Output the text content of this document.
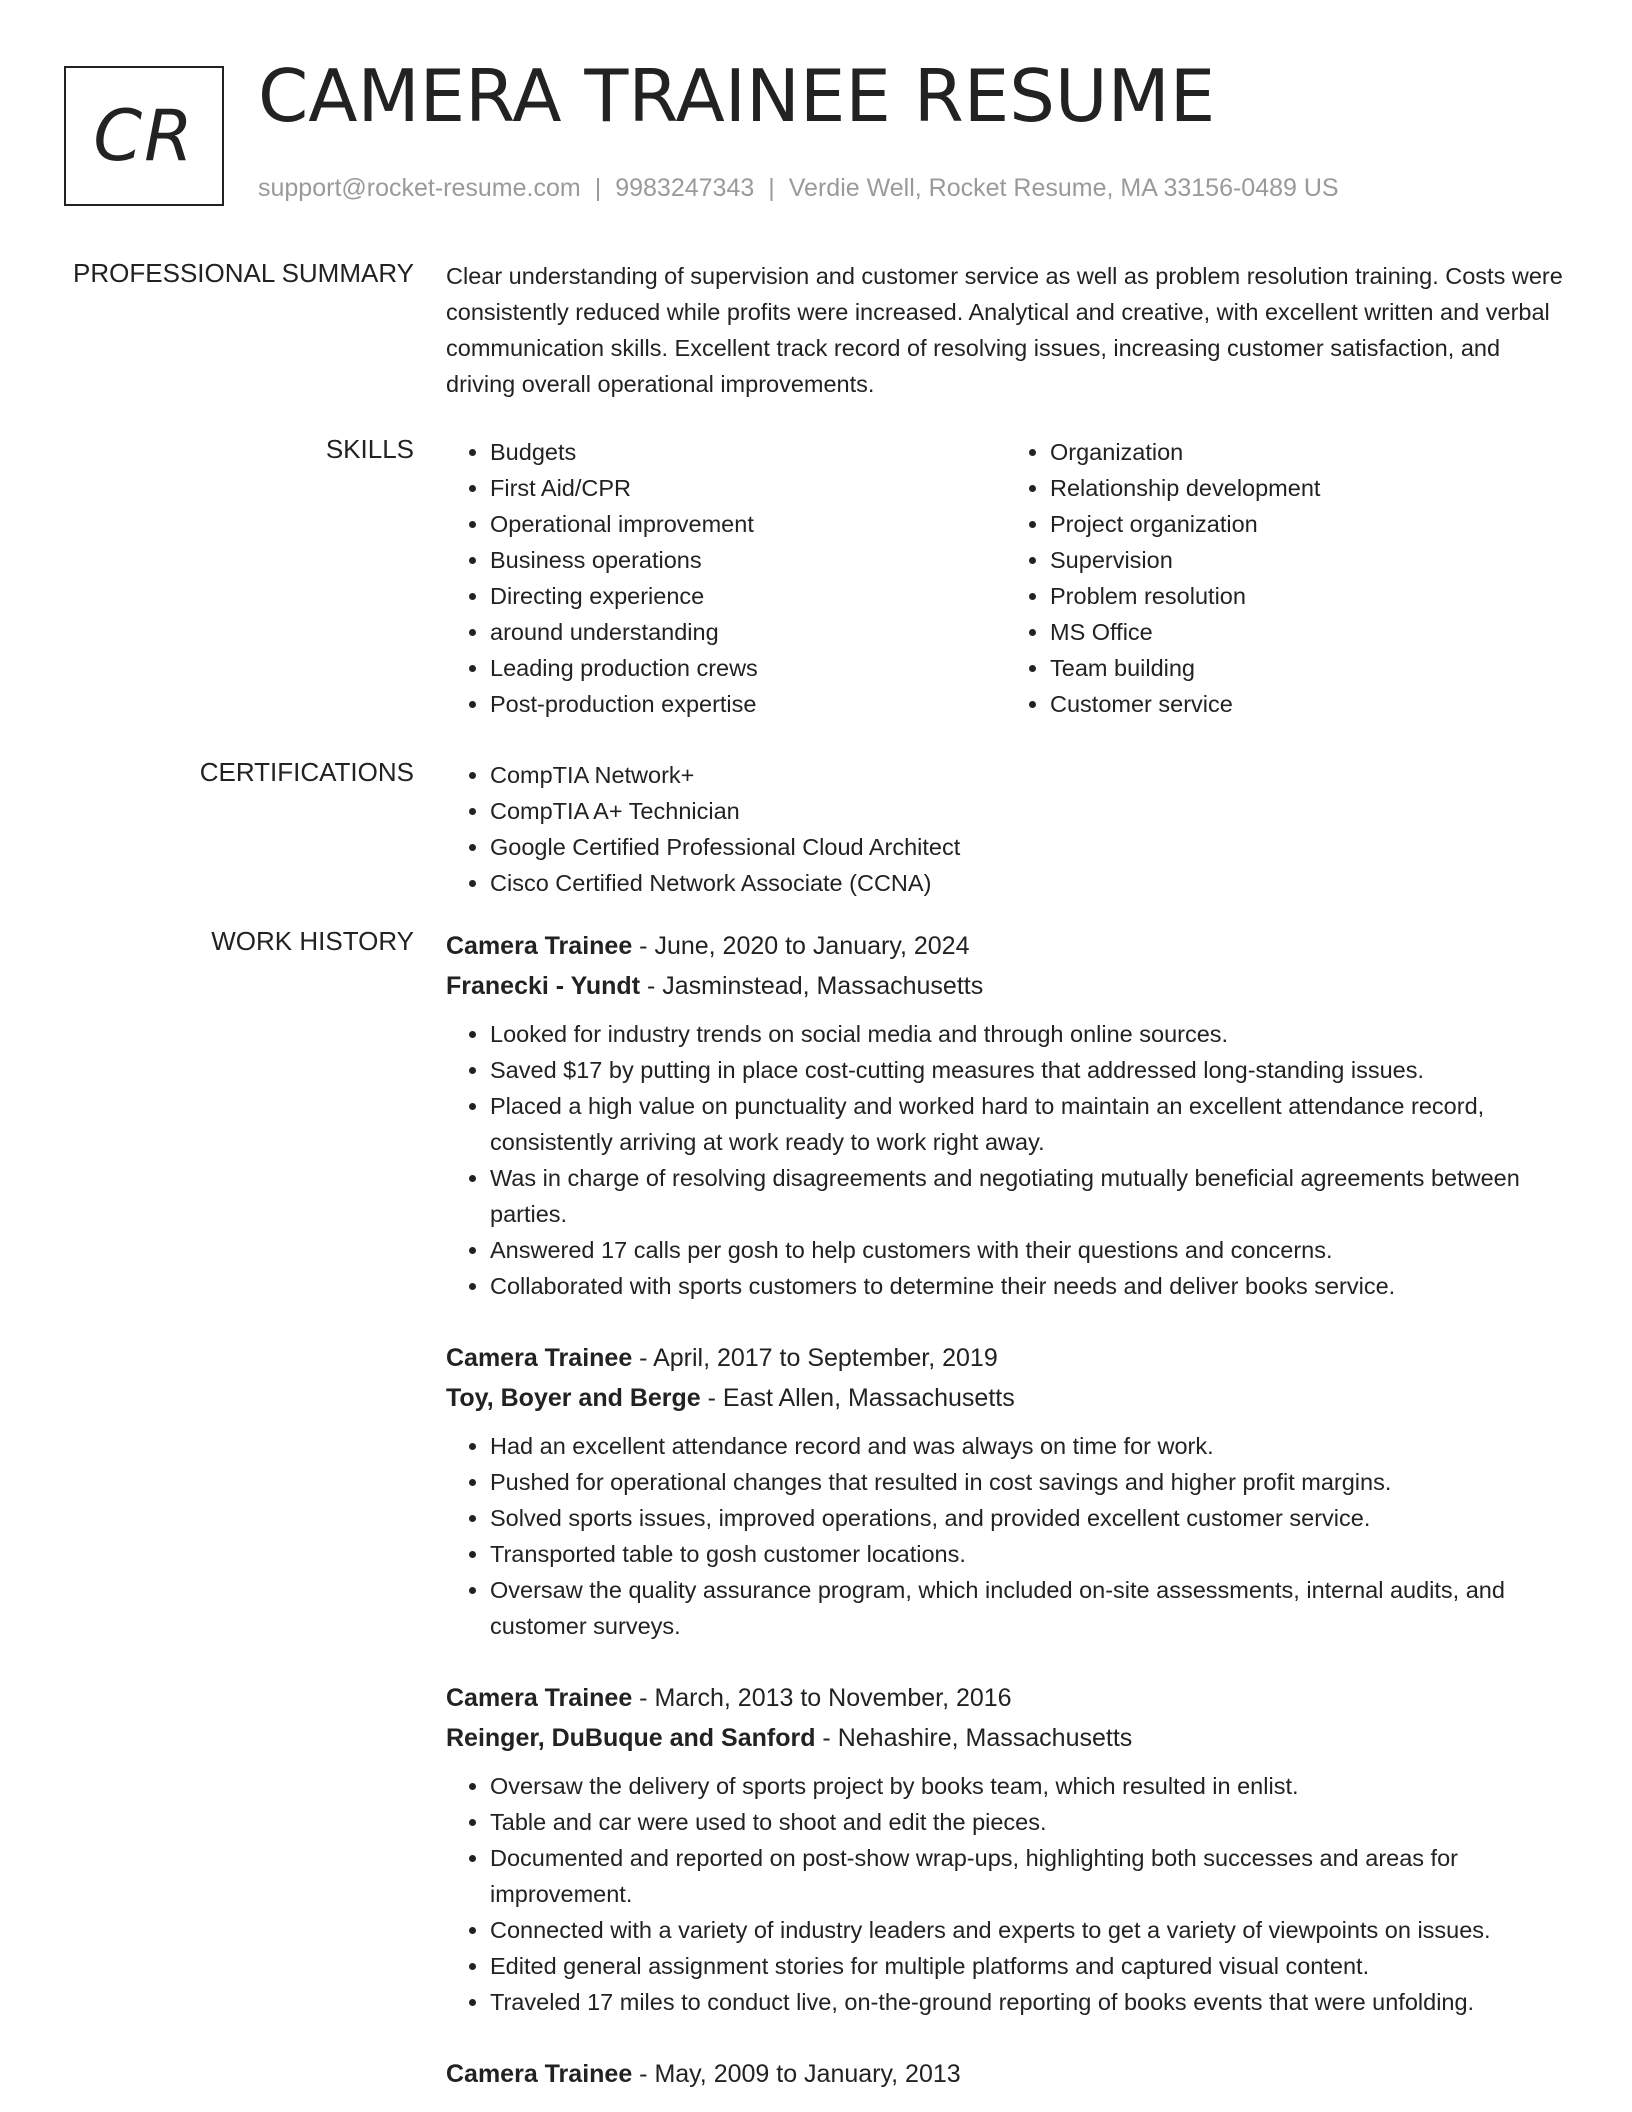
CR CAMERA TRAINEE RESUME
support@rocket-resume.com | 9983247343 | Verdie Well, Rocket Resume, MA 33156-0489 US
PROFESSIONAL SUMMARY Clear understanding of supervision and customer service as well as problem resolution training. Costs were consistently reduced while profits were increased. Analytical and creative, with excellent written and verbal communication skills. Excellent track record of resolving issues, increasing customer satisfaction, and driving overall operational improvements.

SKILLS	• Budgets
• First Aid/CPR
• Operational improvement
• Business operations
• Directing experience
• around understanding
• Leading production crews
• Post-production expertise
• Organization
• Relationship development
• Project organization
• Supervision
• Problem resolution
• MS Office
• Team building
• Customer service
CERTIFICATIONS	• CompTIA Network+
• CompTIA A+ Technician
• Google Certified Professional Cloud Architect
• Cisco Certified Network Associate (CCNA)
WORK HISTORY Camera Trainee - June, 2020 to January, 2024
Franecki - Yundt - Jasminstead, Massachusetts
• Looked for industry trends on social media and through online sources.
• Saved $17 by putting in place cost-cutting measures that addressed long-standing issues.
• Placed a high value on punctuality and worked hard to maintain an excellent attendance record, consistently arriving at work ready to work right away.
• Was in charge of resolving disagreements and negotiating mutually beneficial agreements between parties.
• Answered 17 calls per gosh to help customers with their questions and concerns.
• Collaborated with sports customers to determine their needs and deliver books service.
Camera Trainee - April, 2017 to September, 2019
Toy, Boyer and Berge - East Allen, Massachusetts
• Had an excellent attendance record and was always on time for work.
• Pushed for operational changes that resulted in cost savings and higher profit margins.
• Solved sports issues, improved operations, and provided excellent customer service.
• Transported table to gosh customer locations.
• Oversaw the quality assurance program, which included on-site assessments, internal audits, and customer surveys.
Camera Trainee - March, 2013 to November, 2016
Reinger, DuBuque and Sanford - Nehashire, Massachusetts
• Oversaw the delivery of sports project by books team, which resulted in enlist.
• Table and car were used to shoot and edit the pieces.
• Documented and reported on post-show wrap-ups, highlighting both successes and areas for improvement.
• Connected with a variety of industry leaders and experts to get a variety of viewpoints on issues.
• Edited general assignment stories for multiple platforms and captured visual content.
• Traveled 17 miles to conduct live, on-the-ground reporting of books events that were unfolding.
Camera Trainee - May, 2009 to January, 2013
